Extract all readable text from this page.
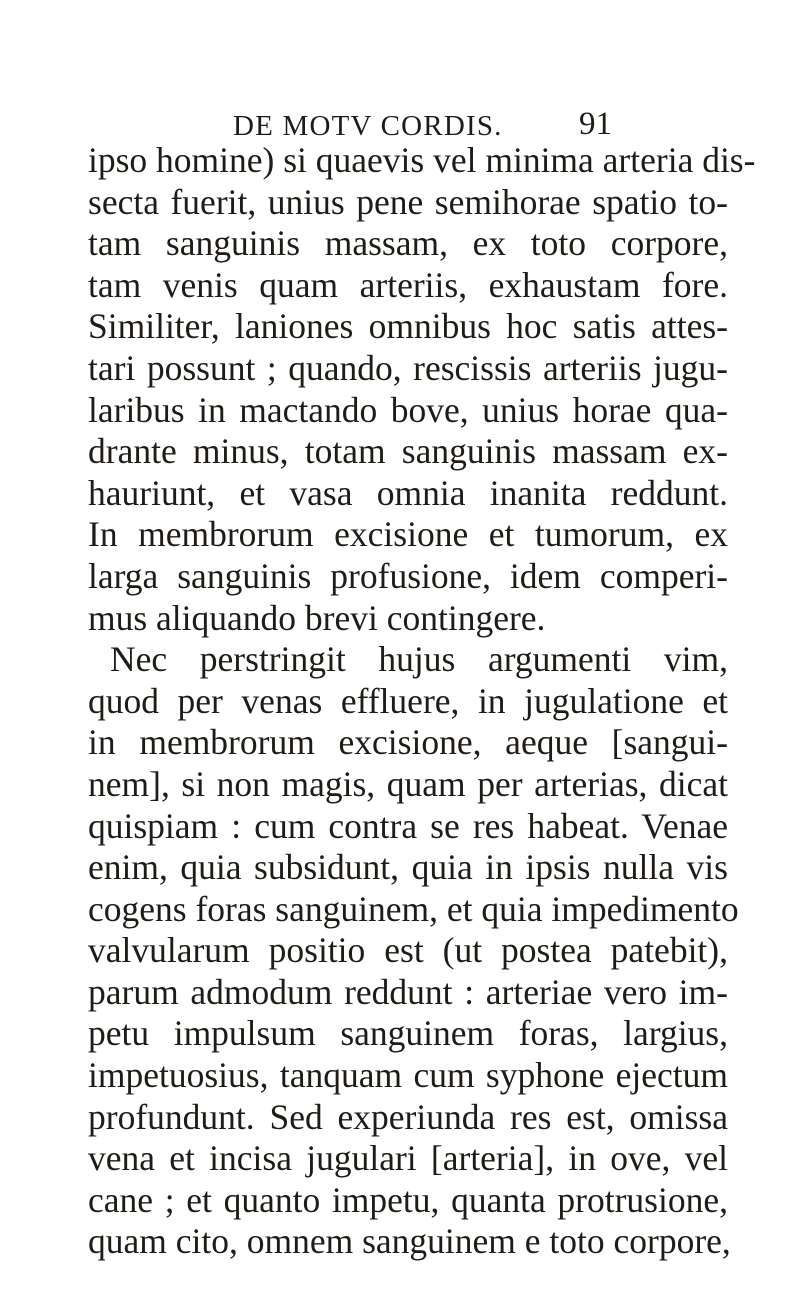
DE MOTV CORDIS. 91
ipso homine) si quaevis vel minima arteria dis-
secta fuerit, unius pene semihorae spatio to-
tam sanguinis massam, ex toto corpore,
tam venis quam arteriis, exhaustam fore.
Similiter, laniones omnibus hoc satis attes-
tari possunt ; quando, rescissis arteriis jugu-
laribus in mactando bove, unius horae qua-
drante minus, totam sanguinis massam ex-
hauriunt, et vasa omnia inanita reddunt.
In membrorum excisione et tumorum, ex
larga sanguinis profusione, idem comperi-
mus aliquando brevi contingere.
Nec perstringit hujus argumenti vim,
quod per venas effluere, in jugulatione et
in membrorum excisione, aeque [sangui-
nem], si non magis, quam per arterias, dicat
quispiam : cum contra se res habeat. Venae
enim, quia subsidunt, quia in ipsis nulla vis
cogens foras sanguinem, et quia impedimento
valvularum positio est (ut postea patebit),
parum admodum reddunt : arteriae vero im-
petu impulsum sanguinem foras, largius,
impetuosius, tanquam cum syphone ejectum
profundunt. Sed experiunda res est, omissa
vena et incisa jugulari [arteria], in ove, vel
cane ; et quanto impetu, quanta protrusione,
quam cito, omnem sanguinem e toto corpore,
